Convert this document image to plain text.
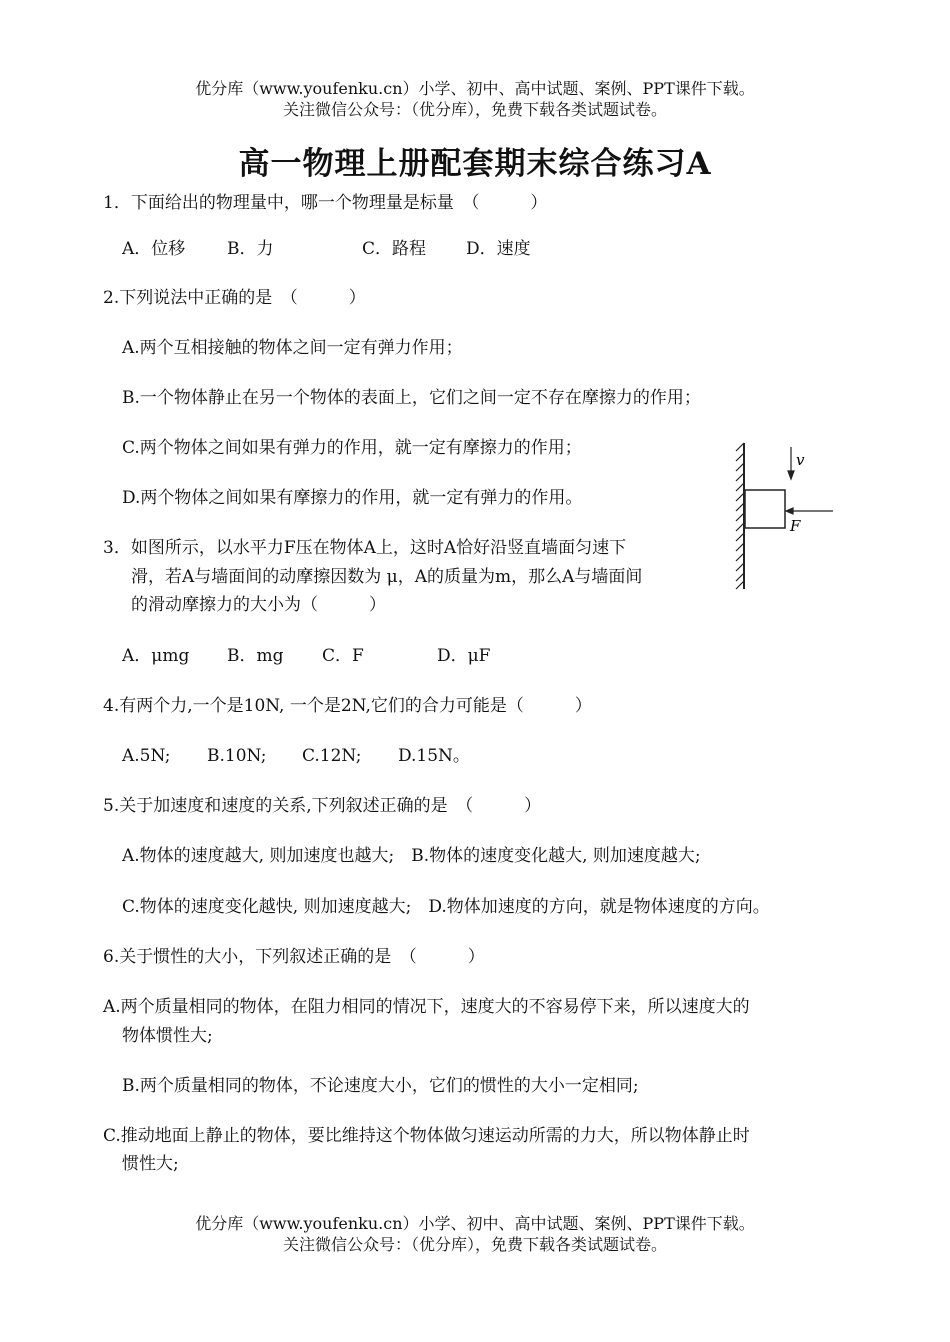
优分库（www.youfenku.cn）小学、初中、高中试题、案例、PPT课件下载。
关注微信公众号：（优分库），免费下载各类试题试卷。
高一物理上册配套期末综合练习A
1．下面给出的物理量中，哪一个物理量是标量　（　　　）
A．位移 B．力	C．路程 D．速度
2.下列说法中正确的是　（　　　）
A.两个互相接触的物体之间一定有弹力作用；
B.一个物体静止在另一个物体的表面上，它们之间一定不存在摩擦力的作用；
C.两个物体之间如果有弹力的作用，就一定有摩擦力的作用；
D.两个物体之间如果有摩擦力的作用，就一定有弹力的作用。
v
F
3．如图所示，以水平力F压在物体A上，这时A恰好沿竖直墙面匀速下
滑，若A与墙面间的动摩擦因数为 μ，A的质量为m，那么A与墙面间
的滑动摩擦力的大小为（　　　）
A．μmg B．mg C．F	D．μF
4.有两个力,一个是10N, 一个是2N,它们的合力可能是（　　　）
A.5N; B.10N; C.12N; D.15N。
5.关于加速度和速度的关系,下列叙述正确的是　（　　　）
A.物体的速度越大, 则加速度也越大;　B.物体的速度变化越大, 则加速度越大;
C.物体的速度变化越快, 则加速度越大;　D.物体加速度的方向，就是物体速度的方向。
6.关于惯性的大小，下列叙述正确的是　（　　　）
A.两个质量相同的物体，在阻力相同的情况下，速度大的不容易停下来，所以速度大的
物体惯性大;
B.两个质量相同的物体，不论速度大小，它们的惯性的大小一定相同;
C.推动地面上静止的物体，要比维持这个物体做匀速运动所需的力大，所以物体静止时
惯性大;
优分库（www.youfenku.cn）小学、初中、高中试题、案例、PPT课件下载。
关注微信公众号：（优分库），免费下载各类试题试卷。
